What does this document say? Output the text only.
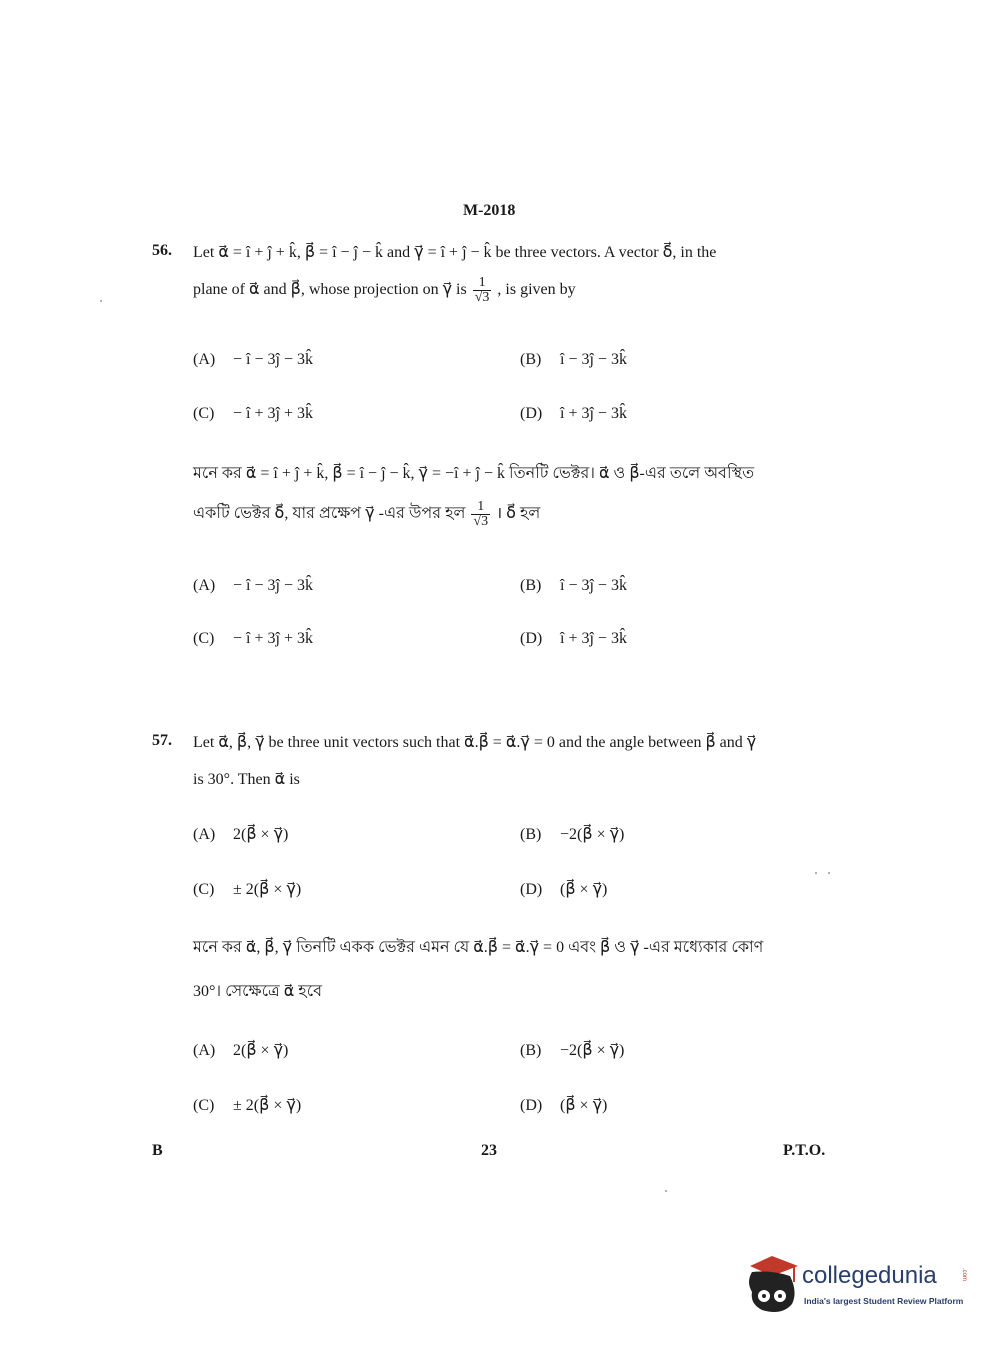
M-2018
56. Let α⃗ = î + ĵ + k̂, β⃗ = î − ĵ − k̂ and γ⃗ = î + ĵ − k̂ be three vectors. A vector δ⃗, in the
plane of α⃗ and β⃗, whose projection on γ⃗ is $\frac{1}{√3}$ , is given by
(A) − î − 3ĵ − 3k̂	(B) î − 3ĵ − 3k̂
(C) − î + 3ĵ + 3k̂	(D) î + 3ĵ − 3k̂
মনে কর α⃗ = î + ĵ + k̂, β⃗ = î − ĵ − k̂, γ⃗ = −î + ĵ − k̂ তিনটি ভেক্টর। α⃗ ও β⃗-এর তলে অবস্থিত
একটি ভেক্টর δ⃗, যার প্রক্ষেপ γ⃗ -এর উপর হল $\frac{1}{√3}$ । δ⃗ হল
(A) − î − 3ĵ − 3k̂	(B) î − 3ĵ − 3k̂
(C) − î + 3ĵ + 3k̂	(D) î + 3ĵ − 3k̂
57. Let α⃗, β⃗, γ⃗ be three unit vectors such that α⃗.β⃗ = α⃗.γ⃗ = 0 and the angle between β⃗ and γ⃗
is 30°. Then α⃗ is
(A) 2(β⃗ × γ⃗)	(B) −2(β⃗ × γ⃗)
(C) ± 2(β⃗ × γ⃗)	(D) (β⃗ × γ⃗)
মনে কর α⃗, β⃗, γ⃗ তিনটি একক ভেক্টর এমন যে α⃗.β⃗ = α⃗.γ⃗ = 0 এবং β⃗ ও γ⃗ -এর মধ্যেকার কোণ
30°। সেক্ষেত্রে α⃗ হবে
(A) 2(β⃗ × γ⃗)	(B) −2(β⃗ × γ⃗)
(C) ± 2(β⃗ × γ⃗)	(D) (β⃗ × γ⃗)
B	23	P.T.O.
collegedunia	.com
India's largest Student Review Platform
